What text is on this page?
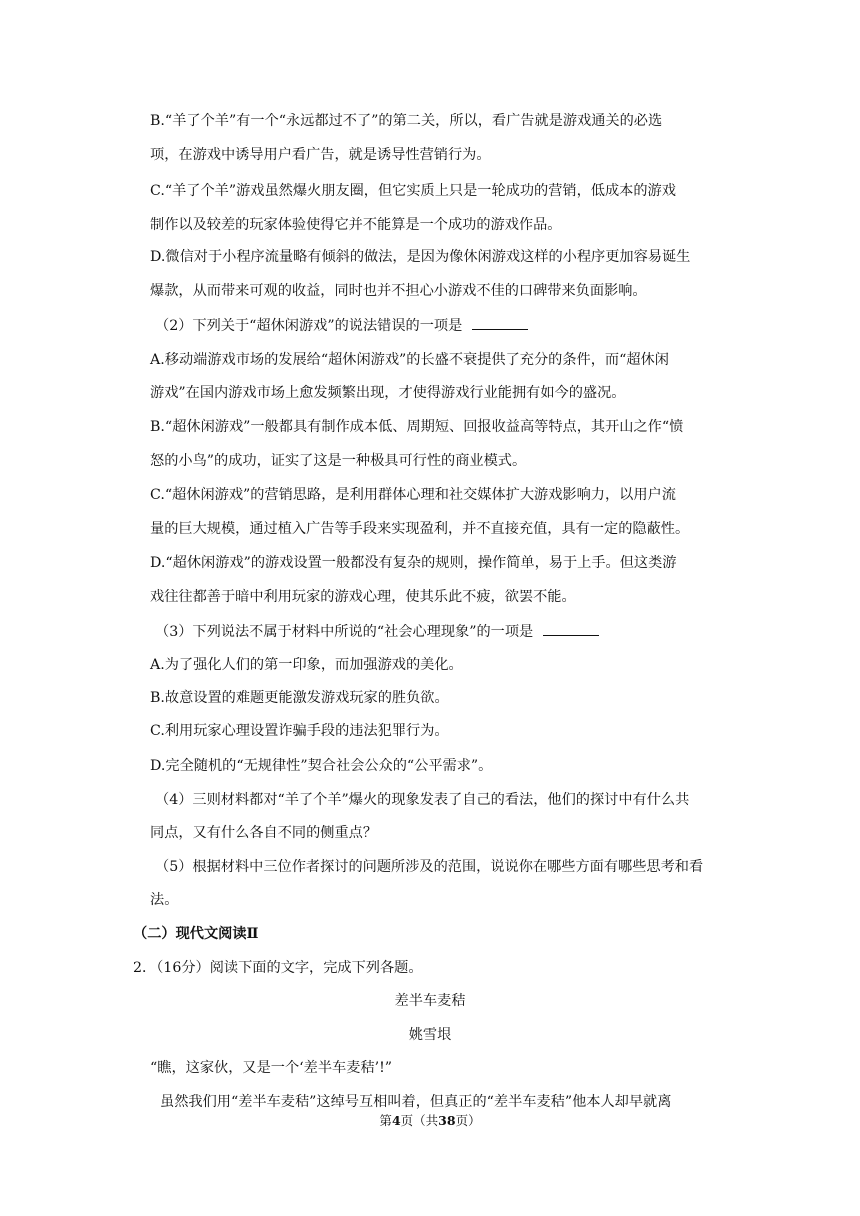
B.“羊了个羊”有一个“永远都过不了”的第二关，所以，看广告就是游戏通关的必选
项，在游戏中诱导用户看广告，就是诱导性营销行为。
C.“羊了个羊”游戏虽然爆火朋友圈，但它实质上只是一轮成功的营销，低成本的游戏
制作以及较差的玩家体验使得它并不能算是一个成功的游戏作品。
D.微信对于小程序流量略有倾斜的做法，是因为像休闲游戏这样的小程序更加容易诞生
爆款，从而带来可观的收益，同时也并不担心小游戏不佳的口碑带来负面影响。
（2）下列关于“超休闲游戏”的说法错误的一项是
A.移动端游戏市场的发展给“超休闲游戏”的长盛不衰提供了充分的条件，而“超休闲
游戏”在国内游戏市场上愈发频繁出现，才使得游戏行业能拥有如今的盛况。
B.“超休闲游戏”一般都具有制作成本低、周期短、回报收益高等特点，其开山之作“愤
怒的小鸟”的成功，证实了这是一种极具可行性的商业模式。
C.“超休闲游戏”的营销思路，是利用群体心理和社交媒体扩大游戏影响力，以用户流
量的巨大规模，通过植入广告等手段来实现盈利，并不直接充值，具有一定的隐蔽性。
D.“超休闲游戏”的游戏设置一般都没有复杂的规则，操作简单，易于上手。但这类游
戏往往都善于暗中利用玩家的游戏心理，使其乐此不疲，欲罢不能。
（3）下列说法不属于材料中所说的“社会心理现象”的一项是
A.为了强化人们的第一印象，而加强游戏的美化。
B.故意设置的难题更能激发游戏玩家的胜负欲。
C.利用玩家心理设置诈骗手段的违法犯罪行为。
D.完全随机的“无规律性”契合社会公众的“公平需求”。
（4）三则材料都对“羊了个羊”爆火的现象发表了自己的看法，他们的探讨中有什么共
同点，又有什么各自不同的侧重点？
（5）根据材料中三位作者探讨的问题所涉及的范围，说说你在哪些方面有哪些思考和看
法。
（二）现代文阅读Ⅱ
2．（16分）阅读下面的文字，完成下列各题。
差半车麦秸
姚雪垠
“瞧，这家伙，又是一个‘差半车麦秸’!”
虽然我们用“差半车麦秸”这绰号互相叫着，但真正的“差半车麦秸”他本人却早就离
第4页（共38页）
